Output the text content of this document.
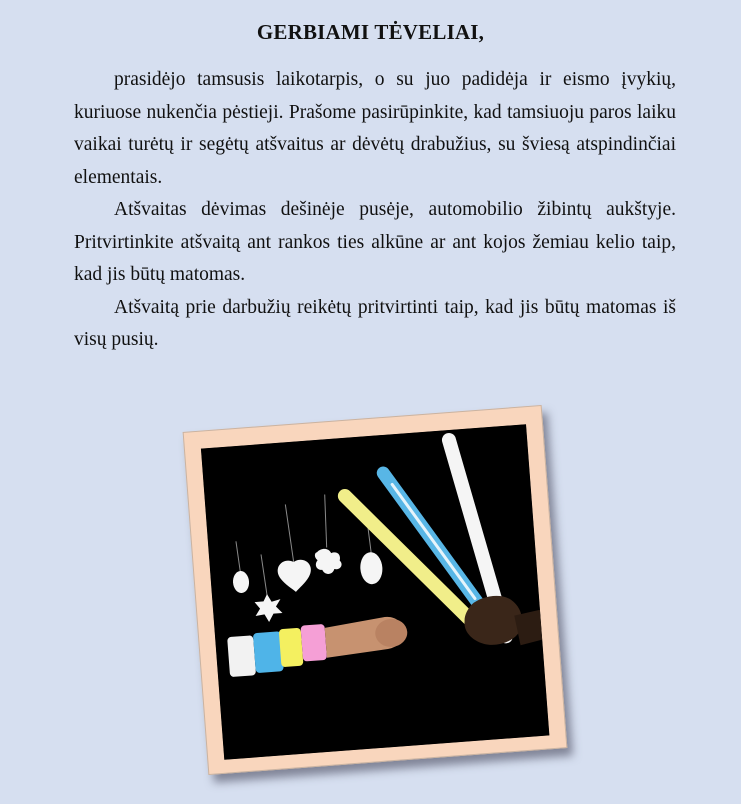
GERBIAMI TĖVELIAI,

prasidėjo tamsusis laikotarpis, o su juo padidėja ir eismo įvykių, kuriuose nukenčia pėstieji. Prašome pasirūpinkite, kad tamsiuoju paros laiku vaikai turėtų ir segėtų atšvaitus ar dėvėtų drabužius, su šviesą atspindinčiai elementais.

Atšvaitas dėvimas dešinėje pusėje, automobilio žibintų aukštyje. Pritvirtinkite atšvaitą ant rankos ties alkūne ar ant kojos žemiau kelio taip, kad jis būtų matomas.

Atšvaitą prie darbužių reikėtų pritvirtinti taip, kad jis būtų matomas iš visų pusių.
